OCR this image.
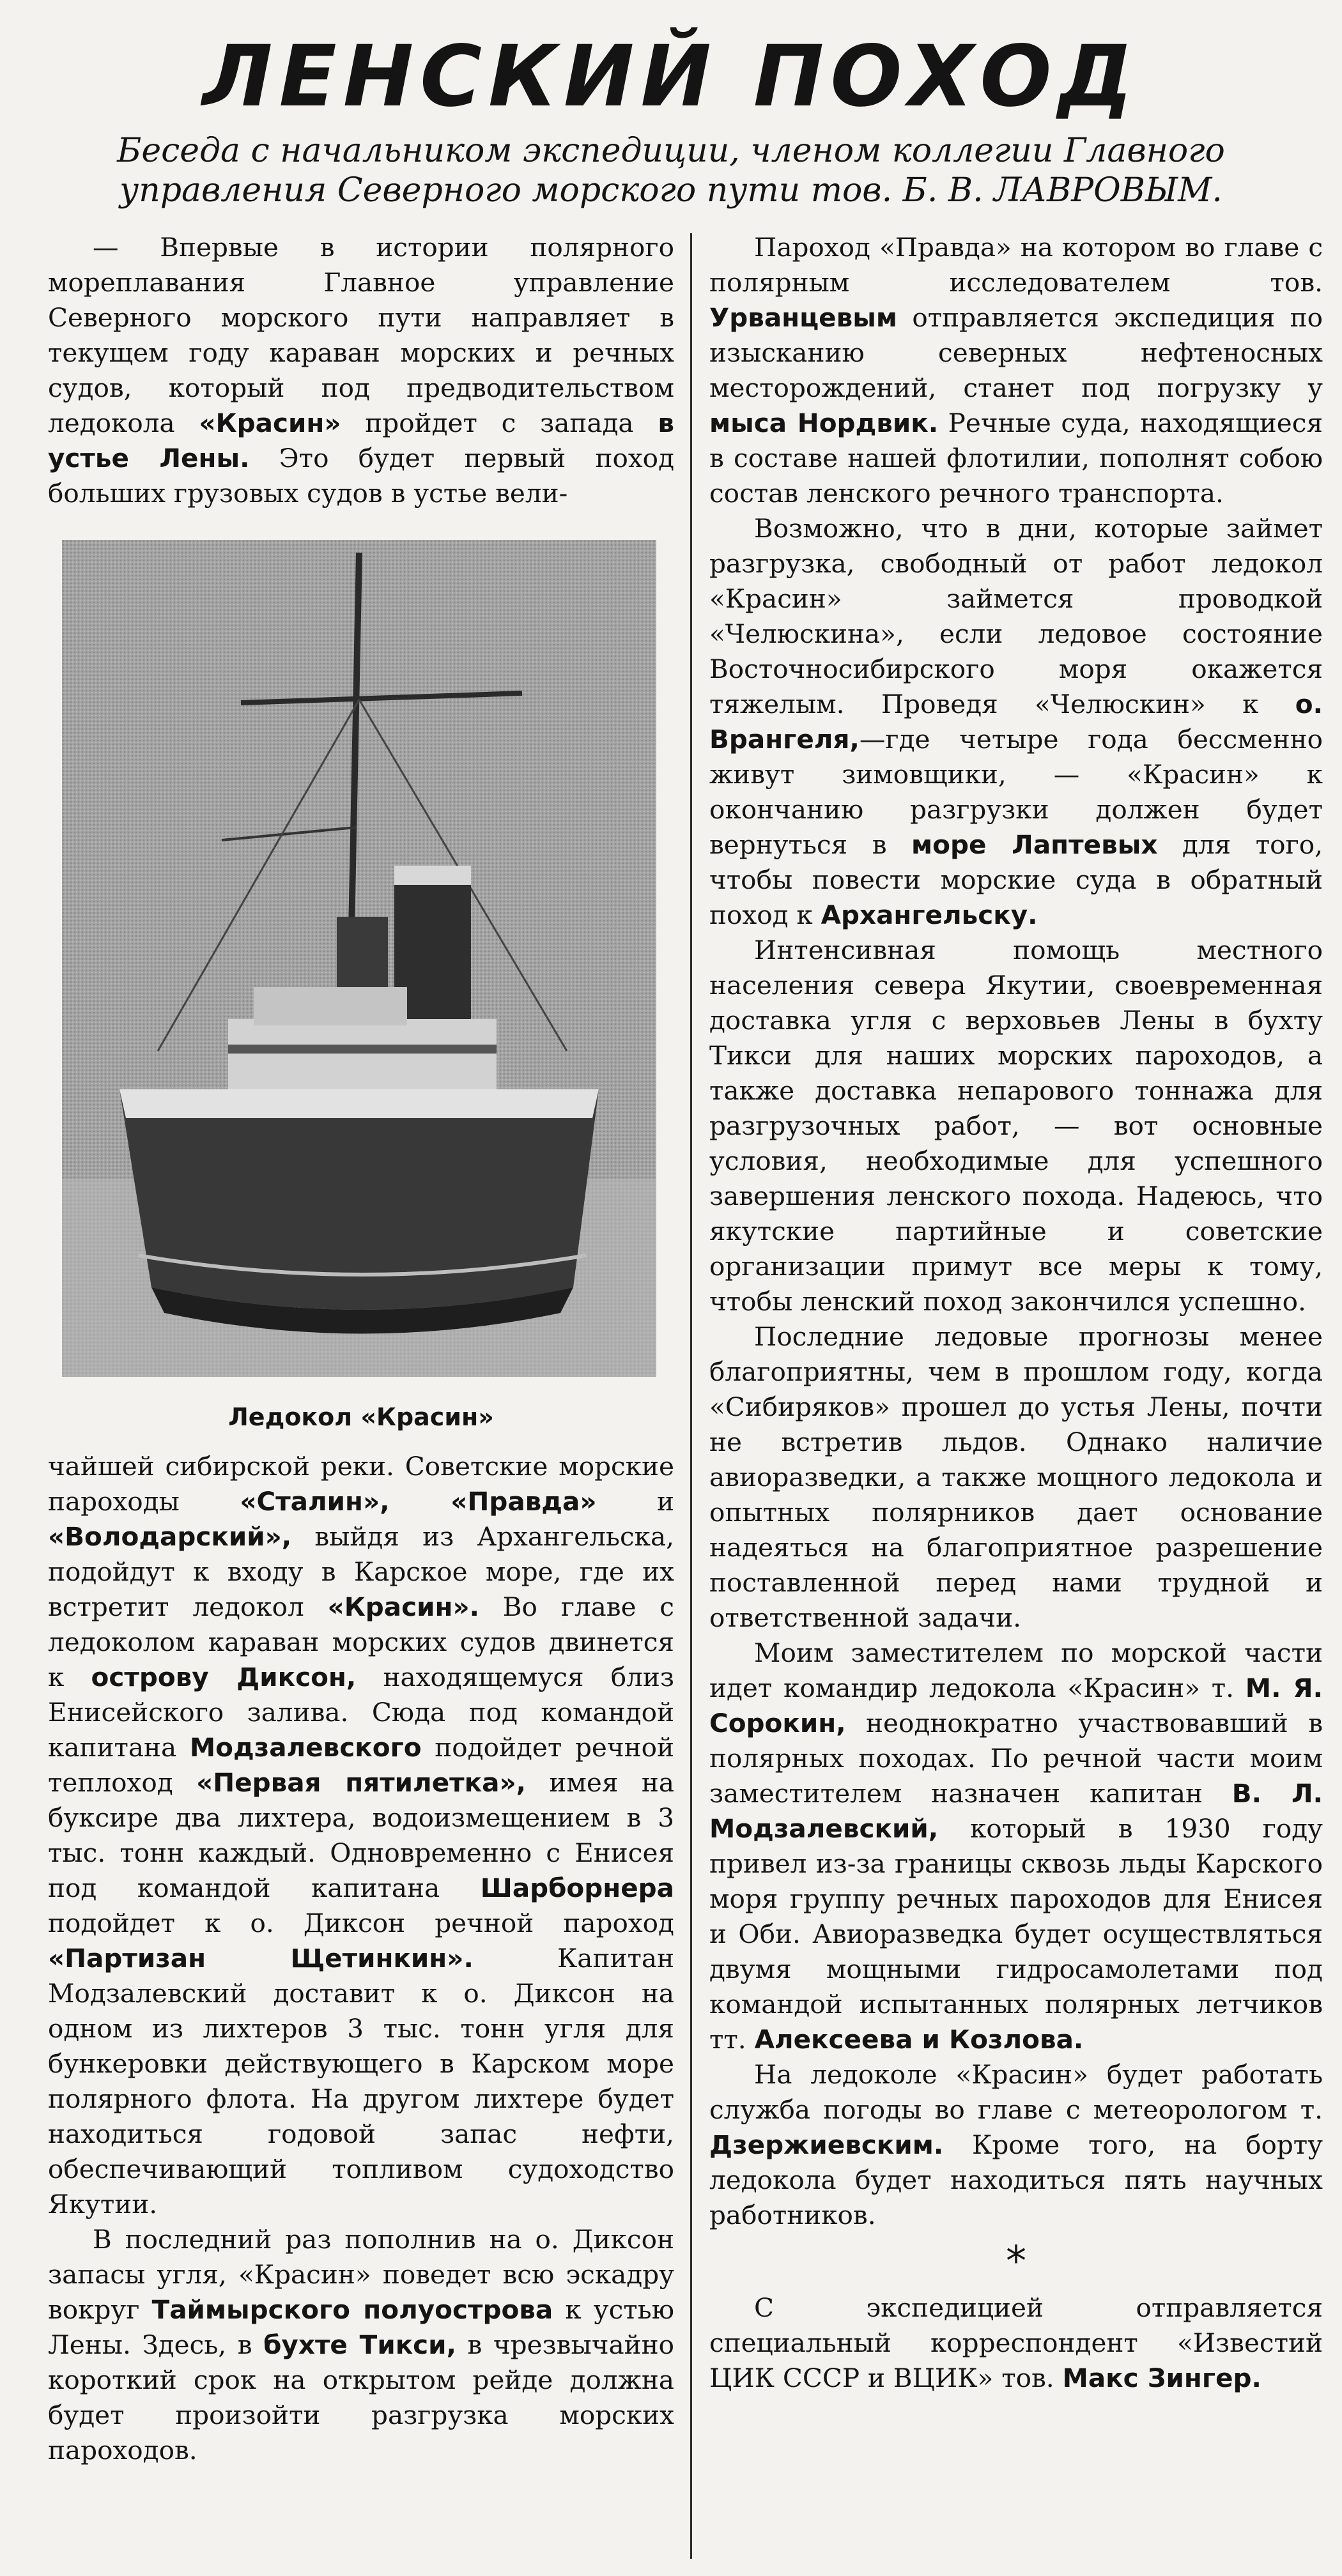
ЛЕНСКИЙ ПОХОД
Беседа с начальником экспедиции, членом коллегии Главного управления Северного морского пути тов. Б. В. ЛАВРОВЫМ.

— Впервые в истории полярного мореплавания Главное управление Северного морского пути направляет в текущем году караван морских и речных судов, который под предводительством ледокола «Красин» пройдет с запада в устье Лены. Это будет первый поход больших грузовых судов в устье вели-

Ледокол «Красин»

чайшей сибирской реки. Советские морские пароходы «Сталин», «Правда» и «Володарский», выйдя из Архангельска, подойдут к входу в Карское море, где их встретит ледокол «Красин». Во главе с ледоколом караван морских судов двинется к острову Диксон, находящемуся близ Енисейского залива. Сюда под командой капитана Модзалевского подойдет речной теплоход «Первая пятилетка», имея на буксире два лихтера, водоизмещением в 3 тыс. тонн каждый. Одновременно с Енисея под командой капитана Шарборнера подойдет к о. Диксон речной пароход «Партизан Щетинкин». Капитан Модзалевский доставит к о. Диксон на одном из лихтеров 3 тыс. тонн угля для бункеровки действующего в Карском море полярного флота. На другом лихтере будет находиться годовой запас нефти, обеспечивающий топливом судоходство Якутии.

В последний раз пополнив на о. Диксон запасы угля, «Красин» поведет всю эскадру вокруг Таймырского полуострова к устью Лены. Здесь, в бухте Тикси, в чрезвычайно короткий срок на открытом рейде должна будет произойти разгрузка морских пароходов.

Пароход «Правда» на котором во главе с полярным исследователем тов. Урванцевым отправляется экспедиция по изысканию северных нефтеносных месторождений, станет под погрузку у мыса Нордвик. Речные суда, находящиеся в составе нашей флотилии, пополнят собою состав ленского речного транспорта.

Возможно, что в дни, которые займет разгрузка, свободный от работ ледокол «Красин» займется проводкой «Челюскина», если ледовое состояние Восточносибирского моря окажется тяжелым. Проведя «Челюскин» к о. Врангеля,—где четыре года бессменно живут зимовщики, — «Красин» к окончанию разгрузки должен будет вернуться в море Лаптевых для того, чтобы повести морские суда в обратный поход к Архангельску.

Интенсивная помощь местного населения севера Якутии, своевременная доставка угля с верховьев Лены в бухту Тикси для наших морских пароходов, а также доставка непарового тоннажа для разгрузочных работ, — вот основные условия, необходимые для успешного завершения ленского похода. Надеюсь, что якутские партийные и советские организации примут все меры к тому, чтобы ленский поход закончился успешно.

Последние ледовые прогнозы менее благоприятны, чем в прошлом году, когда «Сибиряков» прошел до устья Лены, почти не встретив льдов. Однако наличие авиоразведки, а также мощного ледокола и опытных полярников дает основание надеяться на благоприятное разрешение поставленной перед нами трудной и ответственной задачи.

Моим заместителем по морской части идет командир ледокола «Красин» т. М. Я. Сорокин, неоднократно участвовавший в полярных походах. По речной части моим заместителем назначен капитан В. Л. Модзалевский, который в 1930 году привел из-за границы сквозь льды Карского моря группу речных пароходов для Енисея и Оби. Авиоразведка будет осуществляться двумя мощными гидросамолетами под командой испытанных полярных летчиков тт. Алексеева и Козлова.

На ледоколе «Красин» будет работать служба погоды во главе с метеорологом т. Дзержиевским. Кроме того, на борту ледокола будет находиться пять научных работников.

*

С экспедицией отправляется специальный корреспондент «Известий ЦИК СССР и ВЦИК» тов. Макс Зингер.
